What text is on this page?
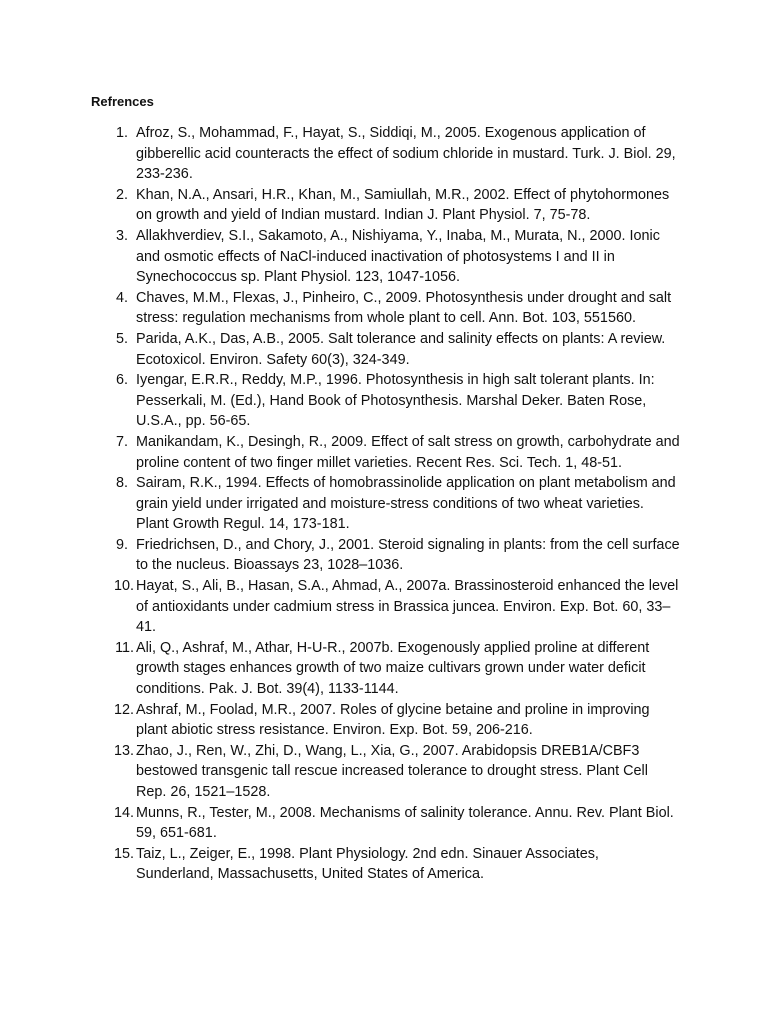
Refrences
1. Afroz, S., Mohammad, F., Hayat, S., Siddiqi, M., 2005. Exogenous application of gibberellic acid counteracts the effect of sodium chloride in mustard. Turk. J. Biol. 29, 233-236.
2. Khan, N.A., Ansari, H.R., Khan, M., Samiullah, M.R., 2002. Effect of phytohormones on growth and yield of Indian mustard. Indian J. Plant Physiol. 7, 75-78.
3. Allakhverdiev, S.I., Sakamoto, A., Nishiyama, Y., Inaba, M., Murata, N., 2000. Ionic and osmotic effects of NaCl-induced inactivation of photosystems I and II in Synechococcus sp. Plant Physiol. 123, 1047-1056.
4. Chaves, M.M., Flexas, J., Pinheiro, C., 2009. Photosynthesis under drought and salt stress: regulation mechanisms from whole plant to cell. Ann. Bot. 103, 551560.
5. Parida, A.K., Das, A.B., 2005. Salt tolerance and salinity effects on plants: A review. Ecotoxicol. Environ. Safety 60(3), 324-349.
6. Iyengar, E.R.R., Reddy, M.P., 1996. Photosynthesis in high salt tolerant plants. In: Pesserkali, M. (Ed.), Hand Book of Photosynthesis. Marshal Deker. Baten Rose, U.S.A., pp. 56-65.
7. Manikandam, K., Desingh, R., 2009. Effect of salt stress on growth, carbohydrate and proline content of two finger millet varieties. Recent Res. Sci. Tech. 1, 48-51.
8. Sairam, R.K., 1994. Effects of homobrassinolide application on plant metabolism and grain yield under irrigated and moisture-stress conditions of two wheat varieties. Plant Growth Regul. 14, 173-181.
9. Friedrichsen, D., and Chory, J., 2001. Steroid signaling in plants: from the cell surface to the nucleus. Bioassays 23, 1028–1036.
10. Hayat, S., Ali, B., Hasan, S.A., Ahmad, A., 2007a. Brassinosteroid enhanced the level of antioxidants under cadmium stress in Brassica juncea. Environ. Exp. Bot. 60, 33–41.
11. Ali, Q., Ashraf, M., Athar, H-U-R., 2007b. Exogenously applied proline at different growth stages enhances growth of two maize cultivars grown under water deficit conditions. Pak. J. Bot. 39(4), 1133-1144.
12. Ashraf, M., Foolad, M.R., 2007. Roles of glycine betaine and proline in improving plant abiotic stress resistance. Environ. Exp. Bot. 59, 206-216.
13. Zhao, J., Ren, W., Zhi, D., Wang, L., Xia, G., 2007. Arabidopsis DREB1A/CBF3 bestowed transgenic tall rescue increased tolerance to drought stress. Plant Cell Rep. 26, 1521–1528.
14. Munns, R., Tester, M., 2008. Mechanisms of salinity tolerance. Annu. Rev. Plant Biol. 59, 651-681.
15. Taiz, L., Zeiger, E., 1998. Plant Physiology. 2nd edn. Sinauer Associates, Sunderland, Massachusetts, United States of America.
